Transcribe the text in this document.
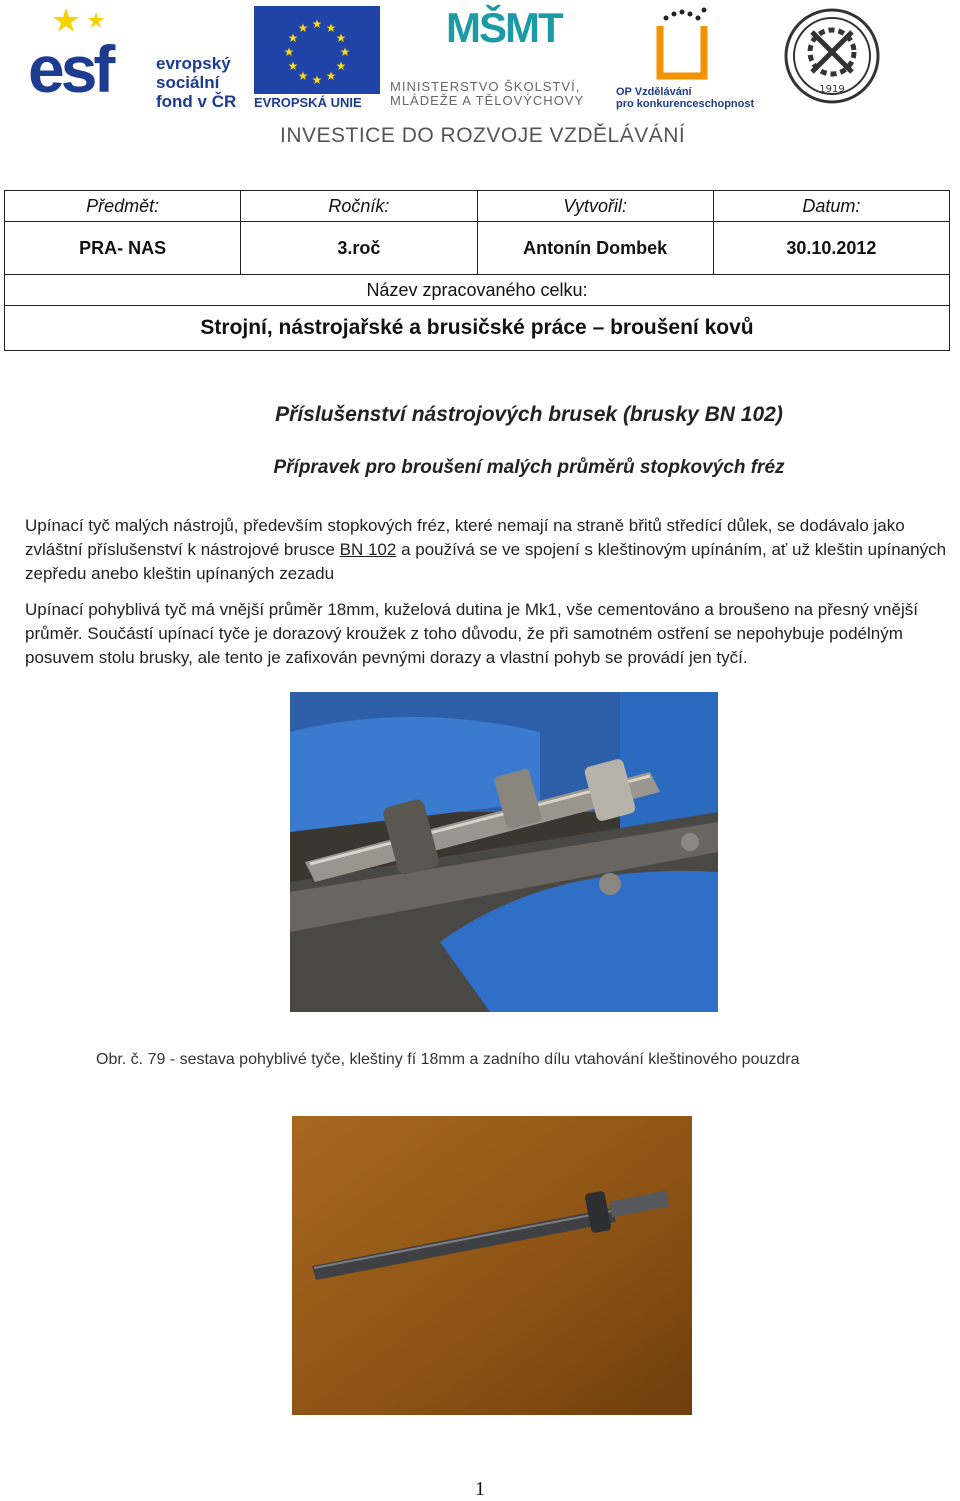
esf	evropský
sociální
fond v ČR
★ ★
★
★
★
★
★
★
★
★
★
★
EVROPSKÁ UNIE
MŠMT
MINISTERSTVO ŠKOLSTVÍ,
MLÁDEŽE A TĚLOVÝCHOVY
OP Vzdělávání
pro konkurenceschopnost
1919
INVESTICE DO ROZVOJE VZDĚLÁVÁNÍ
Předmět:	Ročník:	Vytvořil:	Datum:
PRA- NAS	3.roč	Antonín Dombek	30.10.2012
Název zpracovaného celku:			
Strojní, nástrojařské a brusičské práce – broušení kovů			
Příslušenství nástrojových brusek (brusky BN 102)
Přípravek pro broušení malých průměrů stopkových fréz
Upínací tyč malých nástrojů, především stopkových fréz, které nemají na straně břitů středící důlek, se dodávalo jako zvláštní příslušenství k nástrojové brusce BN 102 a používá se ve spojení s kleštinovým upínáním, ať už kleštin upínaných zepředu anebo kleštin upínaných zezadu
Upínací pohyblivá tyč má vnější průměr 18mm, kuželová dutina je Mk1, vše cementováno a broušeno na přesný vnější průměr. Součástí upínací tyče je dorazový kroužek z toho důvodu, že při samotném ostření se nepohybuje podélným posuvem stolu brusky, ale tento je zafixován pevnými dorazy a vlastní pohyb se provádí jen tyčí.
Obr. č. 79 - sestava pohyblivé tyče, kleštiny fí 18mm a zadního dílu vtahování kleštinového pouzdra
1
